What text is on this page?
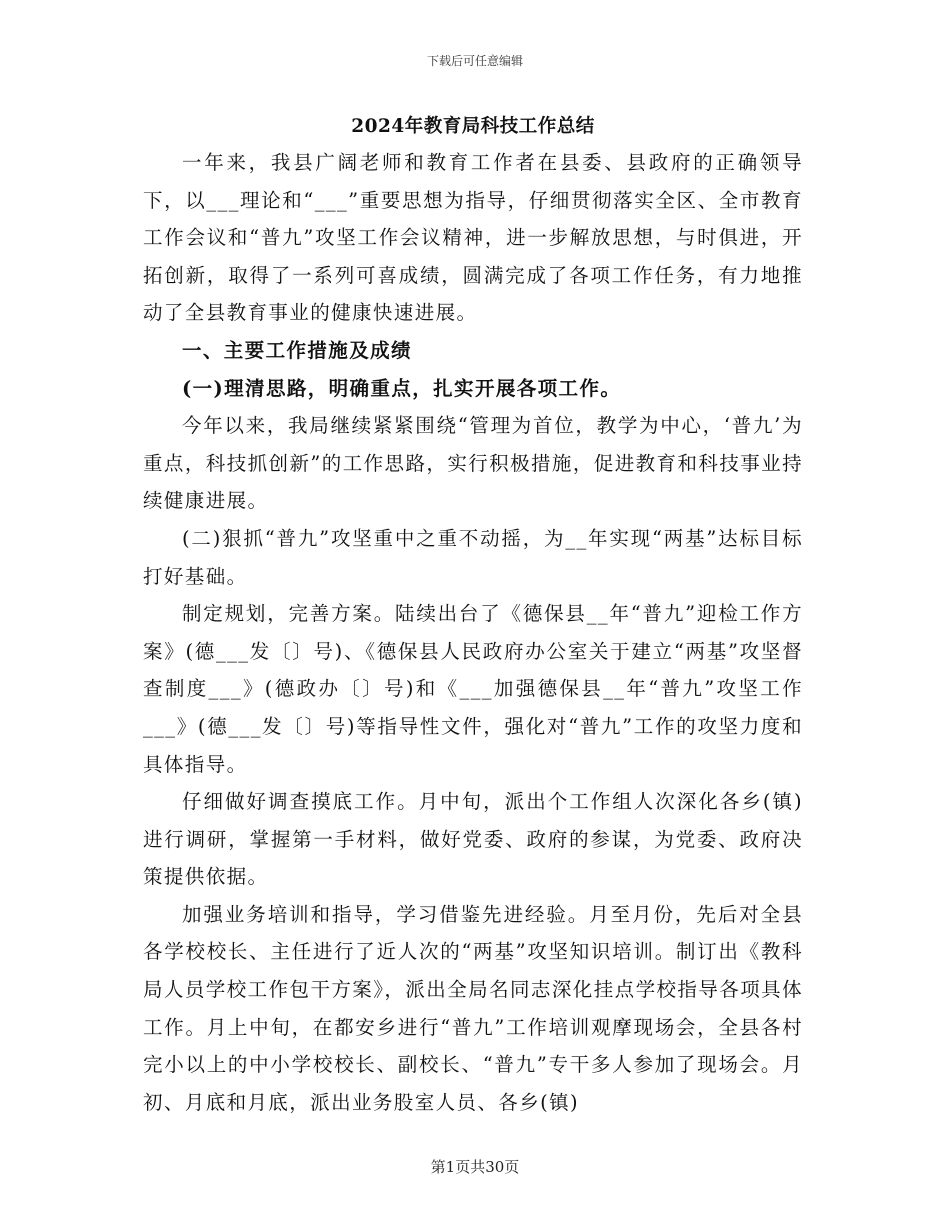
下载后可任意编辑
2024年教育局科技工作总结

一年来，我县广阔老师和教育工作者在县委、县政府的正确领导下，以___理论和“___”重要思想为指导，仔细贯彻落实全区、全市教育工作会议和“普九”攻坚工作会议精神，进一步解放思想，与时俱进，开拓创新，取得了一系列可喜成绩，圆满完成了各项工作任务，有力地推动了全县教育事业的健康快速进展。

一、主要工作措施及成绩

(一)理清思路，明确重点，扎实开展各项工作。

今年以来，我局继续紧紧围绕“管理为首位，教学为中心，‘普九’为重点，科技抓创新”的工作思路，实行积极措施，促进教育和科技事业持续健康进展。

(二)狠抓“普九”攻坚重中之重不动摇，为__年实现“两基”达标目标打好基础。

制定规划，完善方案。陆续出台了《德保县__年“普九”迎检工作方案》(德___发〔〕号)、《德保县人民政府办公室关于建立“两基”攻坚督查制度___》(德政办〔〕号)和《___加强德保县__年“普九”攻坚工作___》(德___发〔〕号)等指导性文件，强化对“普九”工作的攻坚力度和具体指导。

仔细做好调查摸底工作。月中旬，派出个工作组人次深化各乡(镇)进行调研，掌握第一手材料，做好党委、政府的参谋，为党委、政府决策提供依据。

加强业务培训和指导，学习借鉴先进经验。月至月份，先后对全县各学校校长、主任进行了近人次的“两基”攻坚知识培训。制订出《教科局人员学校工作包干方案》，派出全局名同志深化挂点学校指导各项具体工作。月上中旬，在都安乡进行“普九”工作培训观摩现场会，全县各村完小以上的中小学校校长、副校长、“普九”专干多人参加了现场会。月初、月底和月底，派出业务股室人员、各乡(镇)

第1页共30页
